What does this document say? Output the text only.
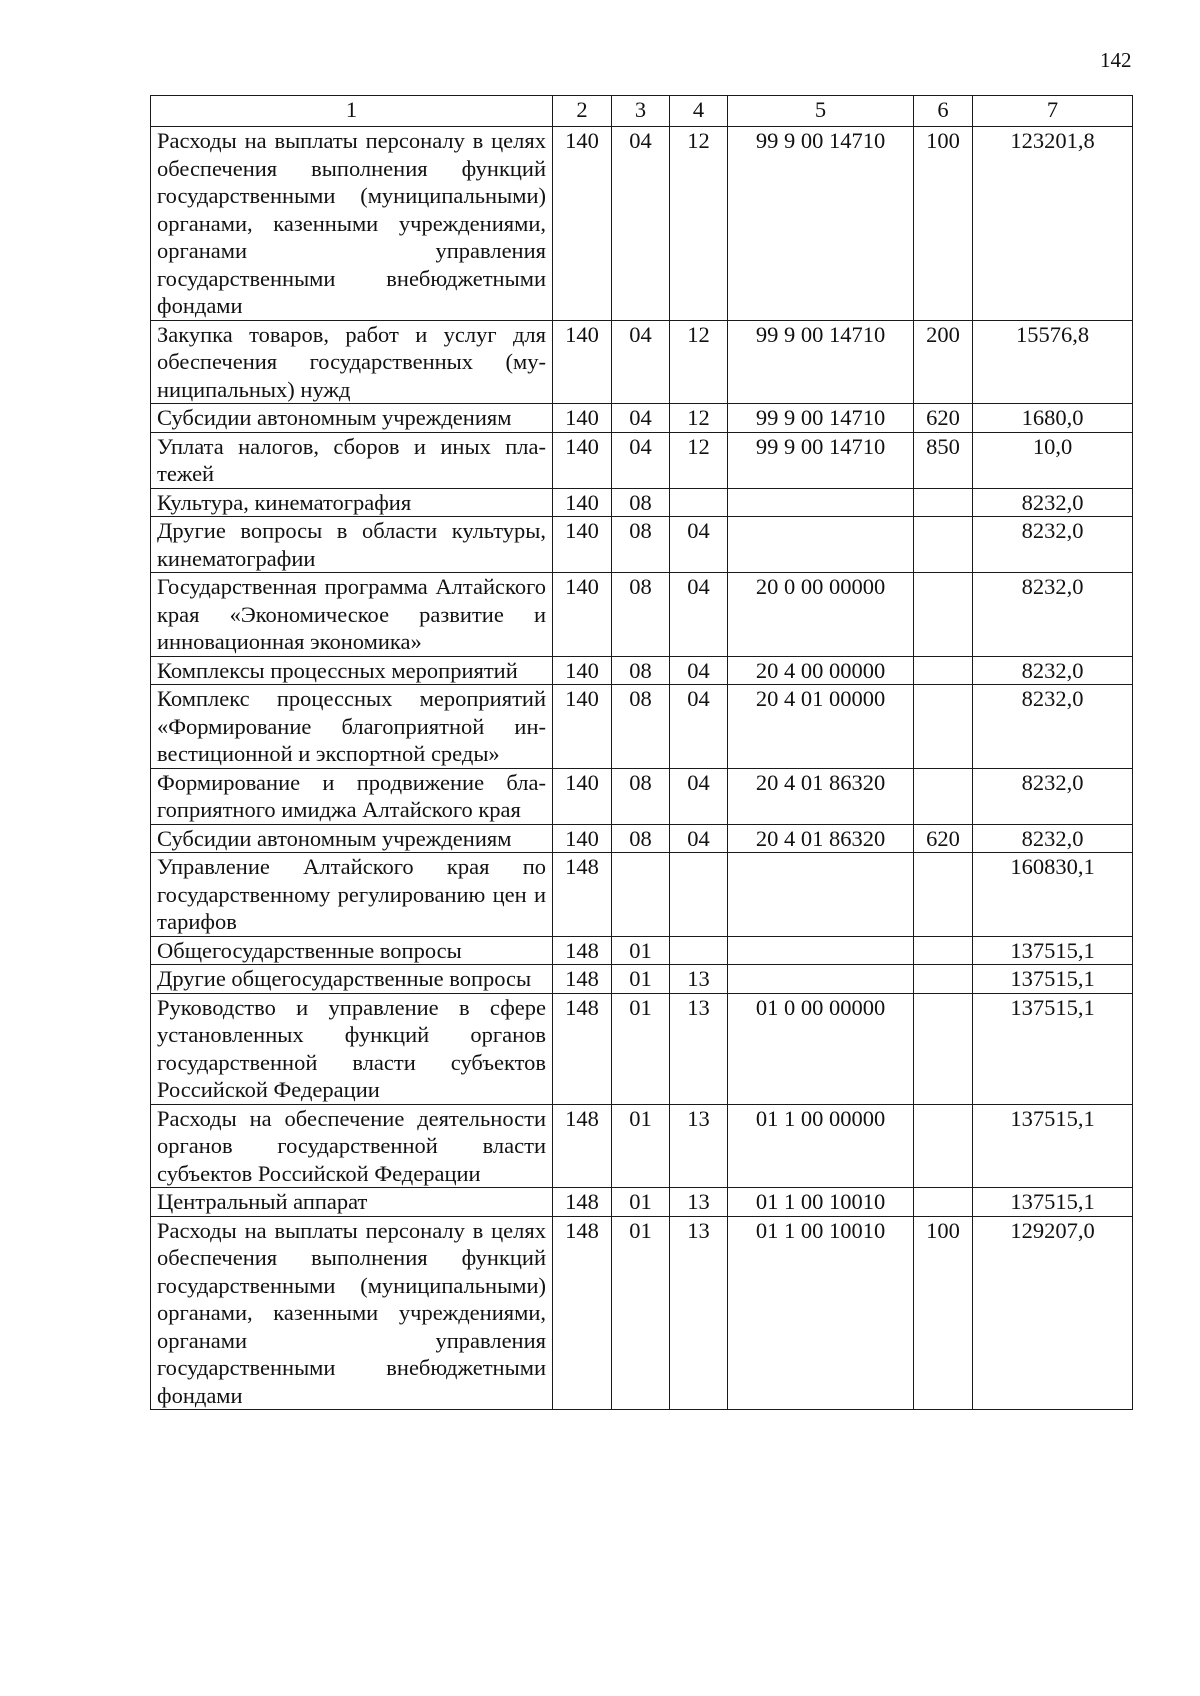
142
1	2	3	4	5	6	7
Расходы на выплаты персоналу в целях обеспечения выполнения функций государственными (муниципальными) органами, казенными учреждениями, органами управления государственными внебюджетными фондами	140	04	12	99 9 00 14710	100	123201,8
Закупка товаров, работ и услуг для обеспечения государственных (муниципальных) нужд	140	04	12	99 9 00 14710	200	15576,8
Субсидии автономным учреждениям	140	04	12	99 9 00 14710	620	1680,0
Уплата налогов, сборов и иных платежей	140	04	12	99 9 00 14710	850	10,0
Культура, кинематография	140	08				8232,0
Другие вопросы в области культуры, кинематографии	140	08	04			8232,0
Государственная программа Алтайского края «Экономическое развитие и инновационная экономика»	140	08	04	20 0 00 00000		8232,0
Комплексы процессных мероприятий	140	08	04	20 4 00 00000		8232,0
Комплекс процессных мероприятий «Формирование благоприятной инвестиционной и экспортной среды»	140	08	04	20 4 01 00000		8232,0
Формирование и продвижение благоприятного имиджа Алтайского края	140	08	04	20 4 01 86320		8232,0
Субсидии автономным учреждениям	140	08	04	20 4 01 86320	620	8232,0
Управление Алтайского края по государственному регулированию цен и тарифов	148					160830,1
Общегосударственные вопросы	148	01				137515,1
Другие общегосударственные вопросы	148	01	13			137515,1
Руководство и управление в сфере установленных функций органов государственной власти субъектов Российской Федерации	148	01	13	01 0 00 00000		137515,1
Расходы на обеспечение деятельности органов государственной власти субъектов Российской Федерации	148	01	13	01 1 00 00000		137515,1
Центральный аппарат	148	01	13	01 1 00 10010		137515,1
Расходы на выплаты персоналу в целях обеспечения выполнения функций государственными (муниципальными) органами, казенными учреждениями, органами управления государственными внебюджетными фондами	148	01	13	01 1 00 10010	100	129207,0
